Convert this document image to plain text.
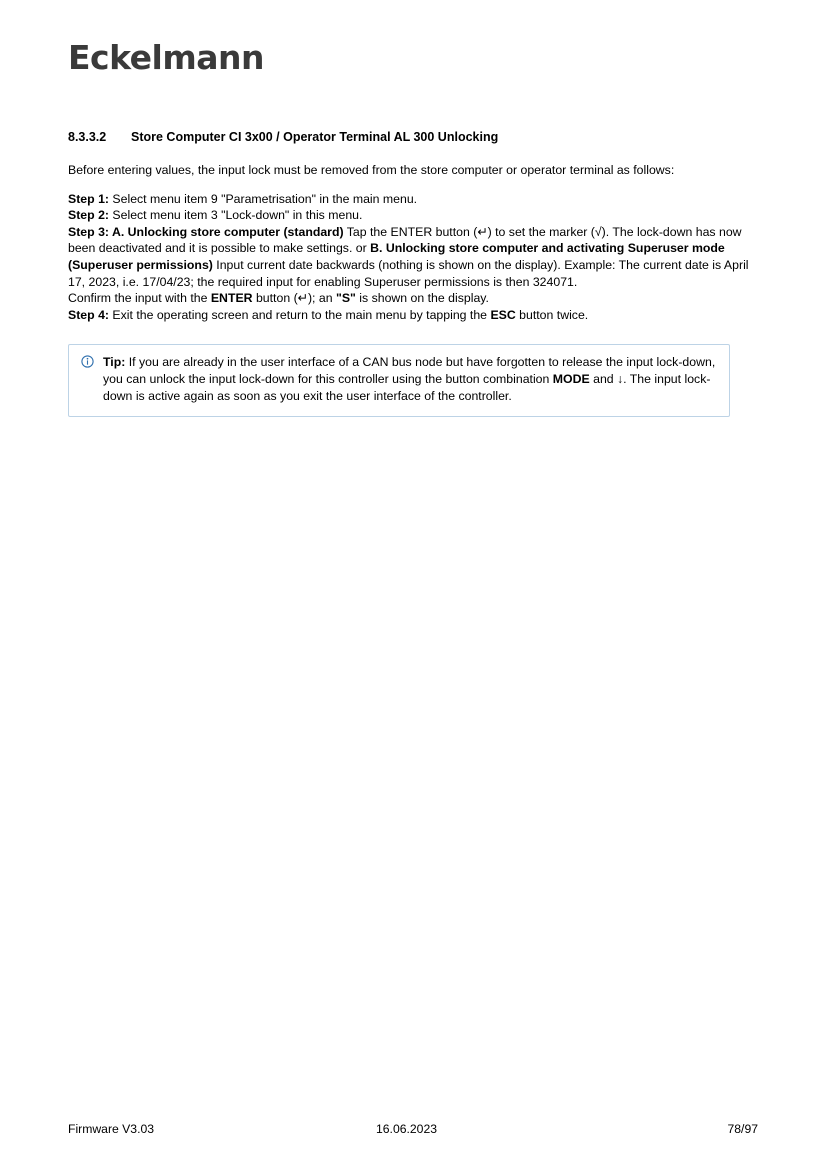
Eckelmann
8.3.3.2	Store Computer CI 3x00 / Operator Terminal AL 300 Unlocking

Before entering values, the input lock must be removed from the store computer or operator terminal as follows:

Step 1: Select menu item 9 "Parametrisation" in the main menu.
Step 2: Select menu item 3 "Lock-down" in this menu.
Step 3: A. Unlocking store computer (standard) Tap the ENTER button (↵) to set the marker (√). The lock-down has now been deactivated and it is possible to make settings. or B. Unlocking store computer and activating Superuser mode (Superuser permissions) Input current date backwards (nothing is shown on the display). Example: The current date is April 17, 2023, i.e. 17/04/23; the required input for enabling Superuser permissions is then 324071.
Confirm the input with the ENTER button (↵); an "S" is shown on the display.
Step 4: Exit the operating screen and return to the main menu by tapping the ESC button twice.

Tip: If you are already in the user interface of a CAN bus node but have forgotten to release the input lock-down, you can unlock the input lock-down for this controller using the button combination MODE and ↓. The input lock-down is active again as soon as you exit the user interface of the controller.
Firmware V3.03	16.06.2023	78/97
